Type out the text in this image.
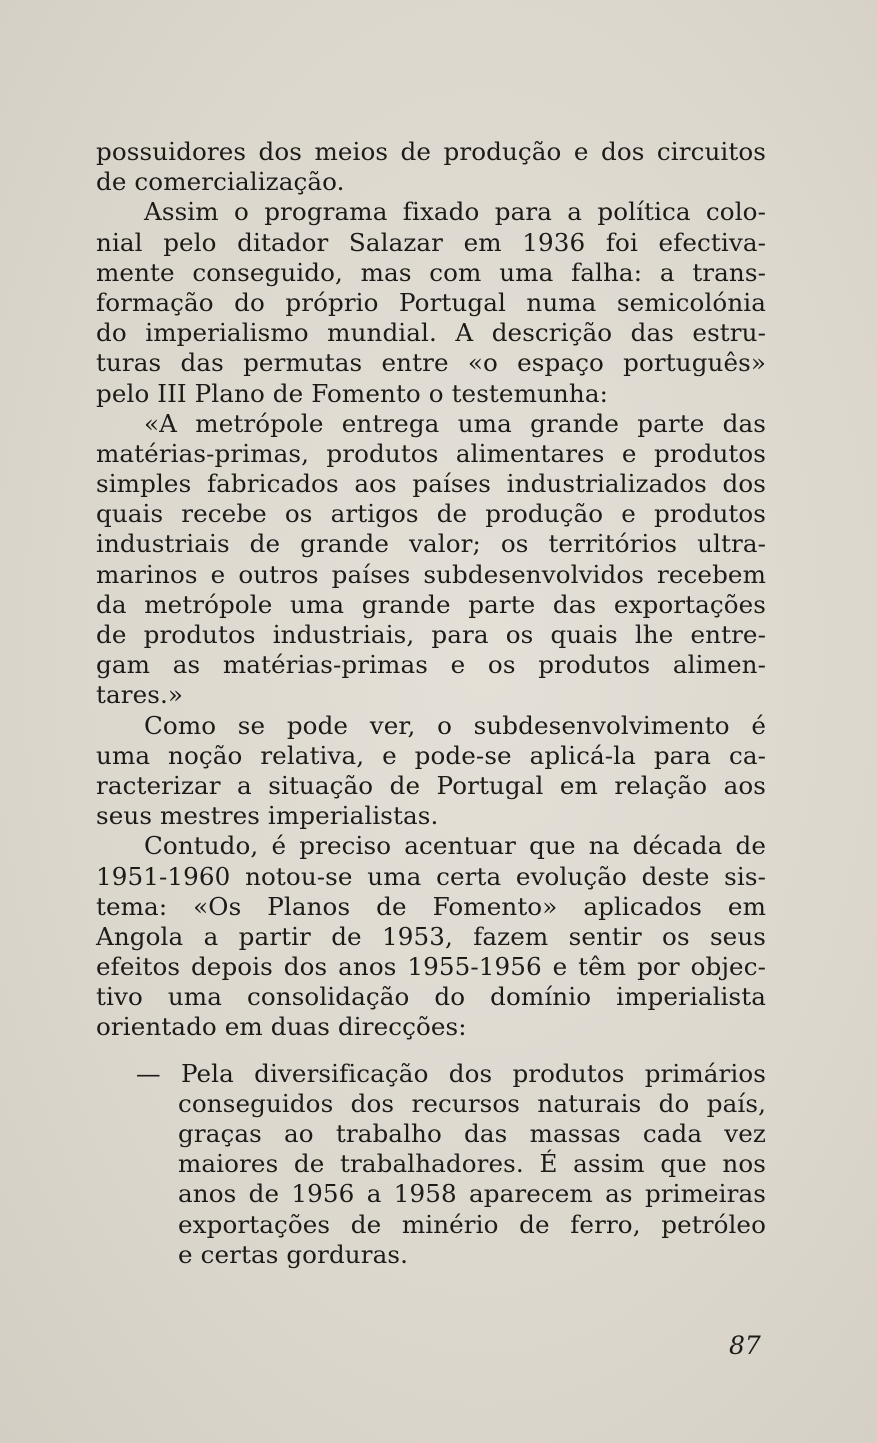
possuidores dos meios de produção e dos circuitos
de comercialização.
Assim o programa fixado para a política colo-
nial pelo ditador Salazar em 1936 foi efectiva-
mente conseguido, mas com uma falha: a trans-
formação do próprio Portugal numa semicolónia
do imperialismo mundial. A descrição das estru-
turas das permutas entre «o espaço português»
pelo III Plano de Fomento o testemunha:
«A metrópole entrega uma grande parte das
matérias-primas, produtos alimentares e produtos
simples fabricados aos países industrializados dos
quais recebe os artigos de produção e produtos
industriais de grande valor; os territórios ultra-
marinos e outros países subdesenvolvidos recebem
da metrópole uma grande parte das exportações
de produtos industriais, para os quais lhe entre-
gam as matérias-primas e os produtos alimen-
tares.»
Como se pode ver, o subdesenvolvimento é
uma noção relativa, e pode-se aplicá-la para ca-
racterizar a situação de Portugal em relação aos
seus mestres imperialistas.
Contudo, é preciso acentuar que na década de
1951-1960 notou-se uma certa evolução deste sis-
tema: «Os Planos de Fomento» aplicados em
Angola a partir de 1953, fazem sentir os seus
efeitos depois dos anos 1955-1956 e têm por objec-
tivo uma consolidação do domínio imperialista
orientado em duas direcções:
— Pela diversificação dos produtos primários
conseguidos dos recursos naturais do país,
graças ao trabalho das massas cada vez
maiores de trabalhadores. É assim que nos
anos de 1956 a 1958 aparecem as primeiras
exportações de minério de ferro, petróleo
e certas gorduras.
87
